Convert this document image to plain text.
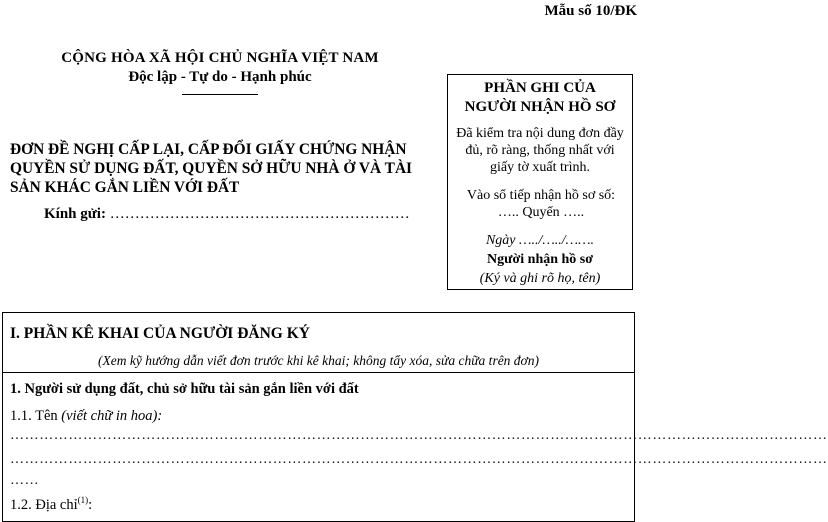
Mẫu số 10/ĐK
CỘNG HÒA XÃ HỘI CHỦ NGHĨA VIỆT NAM
Độc lập - Tự do - Hạnh phúc
ĐƠN ĐỀ NGHỊ CẤP LẠI, CẤP ĐỔI GIẤY CHỨNG NHẬN QUYỀN SỬ DỤNG ĐẤT, QUYỀN SỞ HỮU NHÀ Ở VÀ TÀI SẢN KHÁC GẮN LIỀN VỚI ĐẤT
Kính gửi: ……………………………………………………
PHẦN GHI CỦA
NGƯỜI NHẬN HỒ SƠ
Đã kiểm tra nội dung đơn đầy đủ, rõ ràng, thống nhất với giấy tờ xuất trình.
Vào sổ tiếp nhận hồ sơ số:
….. Quyển …..
Ngày …../…../…….
Người nhận hồ sơ
(Ký và ghi rõ họ, tên)
I. PHẦN KÊ KHAI CỦA NGƯỜI ĐĂNG KÝ
(Xem kỹ hướng dẫn viết đơn trước khi kê khai; không tẩy xóa, sửa chữa trên đơn)
1. Người sử dụng đất, chủ sở hữu tài sản gắn liền với đất
1.1. Tên (viết chữ in hoa):
……………………………………………………………………………………………………………………………………………………
……………………………………………………………………………………………………………………………………………………
……
1.2. Địa chỉ$^{(1)}$:
